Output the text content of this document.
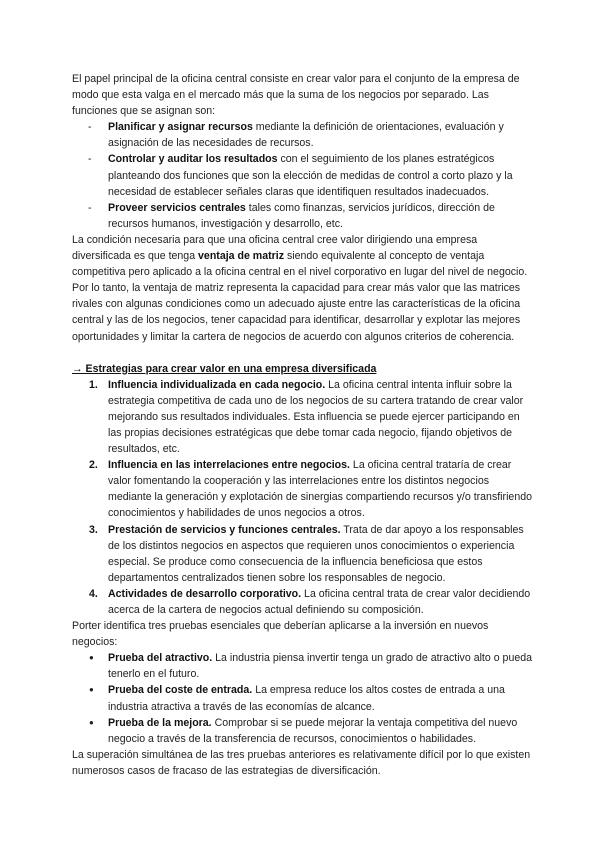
El papel principal de la oficina central consiste en crear valor para el conjunto de la empresa de modo que esta valga en el mercado más que la suma de los negocios por separado. Las funciones que se asignan son:

- Planificar y asignar recursos mediante la definición de orientaciones, evaluación y asignación de las necesidades de recursos.
- Controlar y auditar los resultados con el seguimiento de los planes estratégicos planteando dos funciones que son la elección de medidas de control a corto plazo y la necesidad de establecer señales claras que identifiquen resultados inadecuados.
- Proveer servicios centrales tales como finanzas, servicios jurídicos, dirección de recursos humanos, investigación y desarrollo, etc.

La condición necesaria para que una oficina central cree valor dirigiendo una empresa diversificada es que tenga ventaja de matriz siendo equivalente al concepto de ventaja competitiva pero aplicado a la oficina central en el nivel corporativo en lugar del nivel de negocio. Por lo tanto, la ventaja de matriz representa la capacidad para crear más valor que las matrices rivales con algunas condiciones como un adecuado ajuste entre las características de la oficina central y las de los negocios, tener capacidad para identificar, desarrollar y explotar las mejores oportunidades y limitar la cartera de negocios de acuerdo con algunos criterios de coherencia.

→ Estrategias para crear valor en una empresa diversificada

1. Influencia individualizada en cada negocio. La oficina central intenta influir sobre la estrategia competitiva de cada uno de los negocios de su cartera tratando de crear valor mejorando sus resultados individuales. Esta influencia se puede ejercer participando en las propias decisiones estratégicas que debe tomar cada negocio, fijando objetivos de resultados, etc.
2. Influencia en las interrelaciones entre negocios. La oficina central trataría de crear valor fomentando la cooperación y las interrelaciones entre los distintos negocios mediante la generación y explotación de sinergias compartiendo recursos y/o transfiriendo conocimientos y habilidades de unos negocios a otros.
3. Prestación de servicios y funciones centrales. Trata de dar apoyo a los responsables de los distintos negocios en aspectos que requieren unos conocimientos o experiencia especial. Se produce como consecuencia de la influencia beneficiosa que estos departamentos centralizados tienen sobre los responsables de negocio.
4. Actividades de desarrollo corporativo. La oficina central trata de crear valor decidiendo acerca de la cartera de negocios actual definiendo su composición.

Porter identifica tres pruebas esenciales que deberían aplicarse a la inversión en nuevos negocios:

● Prueba del atractivo. La industria piensa invertir tenga un grado de atractivo alto o pueda tenerlo en el futuro.
● Prueba del coste de entrada. La empresa reduce los altos costes de entrada a una industria atractiva a través de las economías de alcance.
● Prueba de la mejora. Comprobar si se puede mejorar la ventaja competitiva del nuevo negocio a través de la transferencia de recursos, conocimientos o habilidades.

La superación simultánea de las tres pruebas anteriores es relativamente difícil por lo que existen numerosos casos de fracaso de las estrategias de diversificación.
